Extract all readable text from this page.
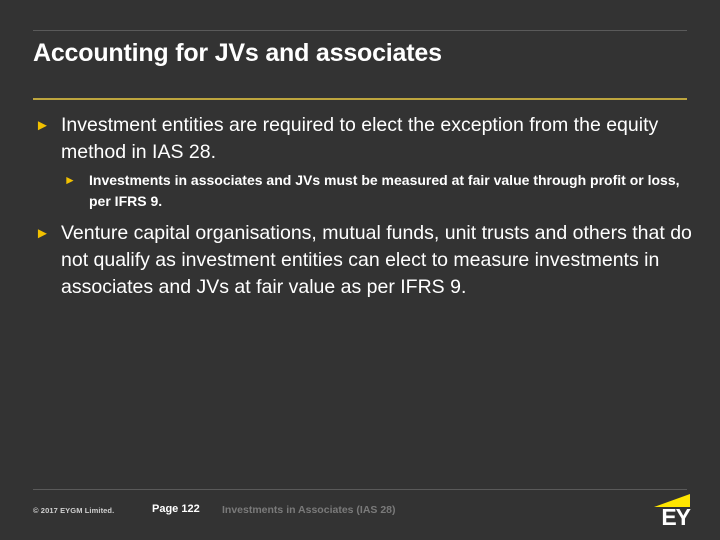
Accounting for JVs and associates
► Investment entities are required to elect the exception from the equity method in IAS 28.
► Investments in associates and JVs must be measured at fair value through profit or loss, per IFRS 9.
► Venture capital organisations, mutual funds, unit trusts and others that do not qualify as investment entities can elect to measure investments in associates and JVs at fair value as per IFRS 9.
© 2017 EYGM Limited.	Page 122 Investments in Associates (IAS 28)	EY
